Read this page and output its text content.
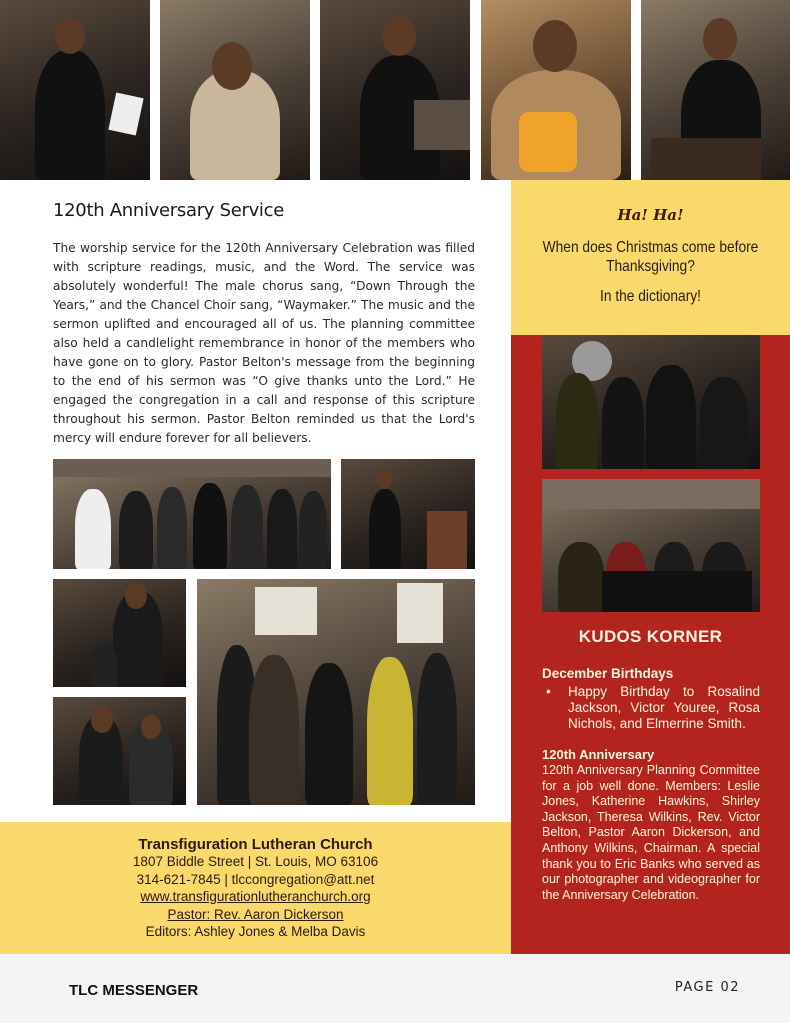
120th Anniversary Service

The worship service for the 120th Anniversary Celebration was filled with scripture readings, music, and the Word. The service was absolutely wonderful! The male chorus sang, “Down Through the Years,” and the Chancel Choir sang, “Waymaker.” The music and the sermon uplifted and encouraged all of us. The planning committee also held a candlelight remembrance in honor of the members who have gone on to glory. Pastor Belton's message from the beginning to the end of his sermon was “O give thanks unto the Lord.” He engaged the congregation in a call and response of this scripture throughout his sermon. Pastor Belton reminded us that the Lord's mercy will endure forever for all believers.

Ha! Ha!
When does Christmas come before Thanksgiving?
In the dictionary!
KUDOS KORNER
December Birthdays
• Happy Birthday to Rosalind Jackson, Victor Youree, Rosa Nichols, and Elmerrine Smith.
120th Anniversary
120th Anniversary Planning Committee for a job well done. Members: Leslie Jones, Katherine Hawkins, Shirley Jackson, Theresa Wilkins, Rev. Victor Belton, Pastor Aaron Dickerson, and Anthony Wilkins, Chairman. A special thank you to Eric Banks who served as our photographer and videographer for the Anniversary Celebration.
Transfiguration Lutheran Church
1807 Biddle Street | St. Louis, MO 63106
314-621-7845 | tlccongregation@att.net
www.transfigurationlutheranchurch.org
Pastor: Rev. Aaron Dickerson
Editors: Ashley Jones & Melba Davis
TLC MESSENGER	PAGE 02
